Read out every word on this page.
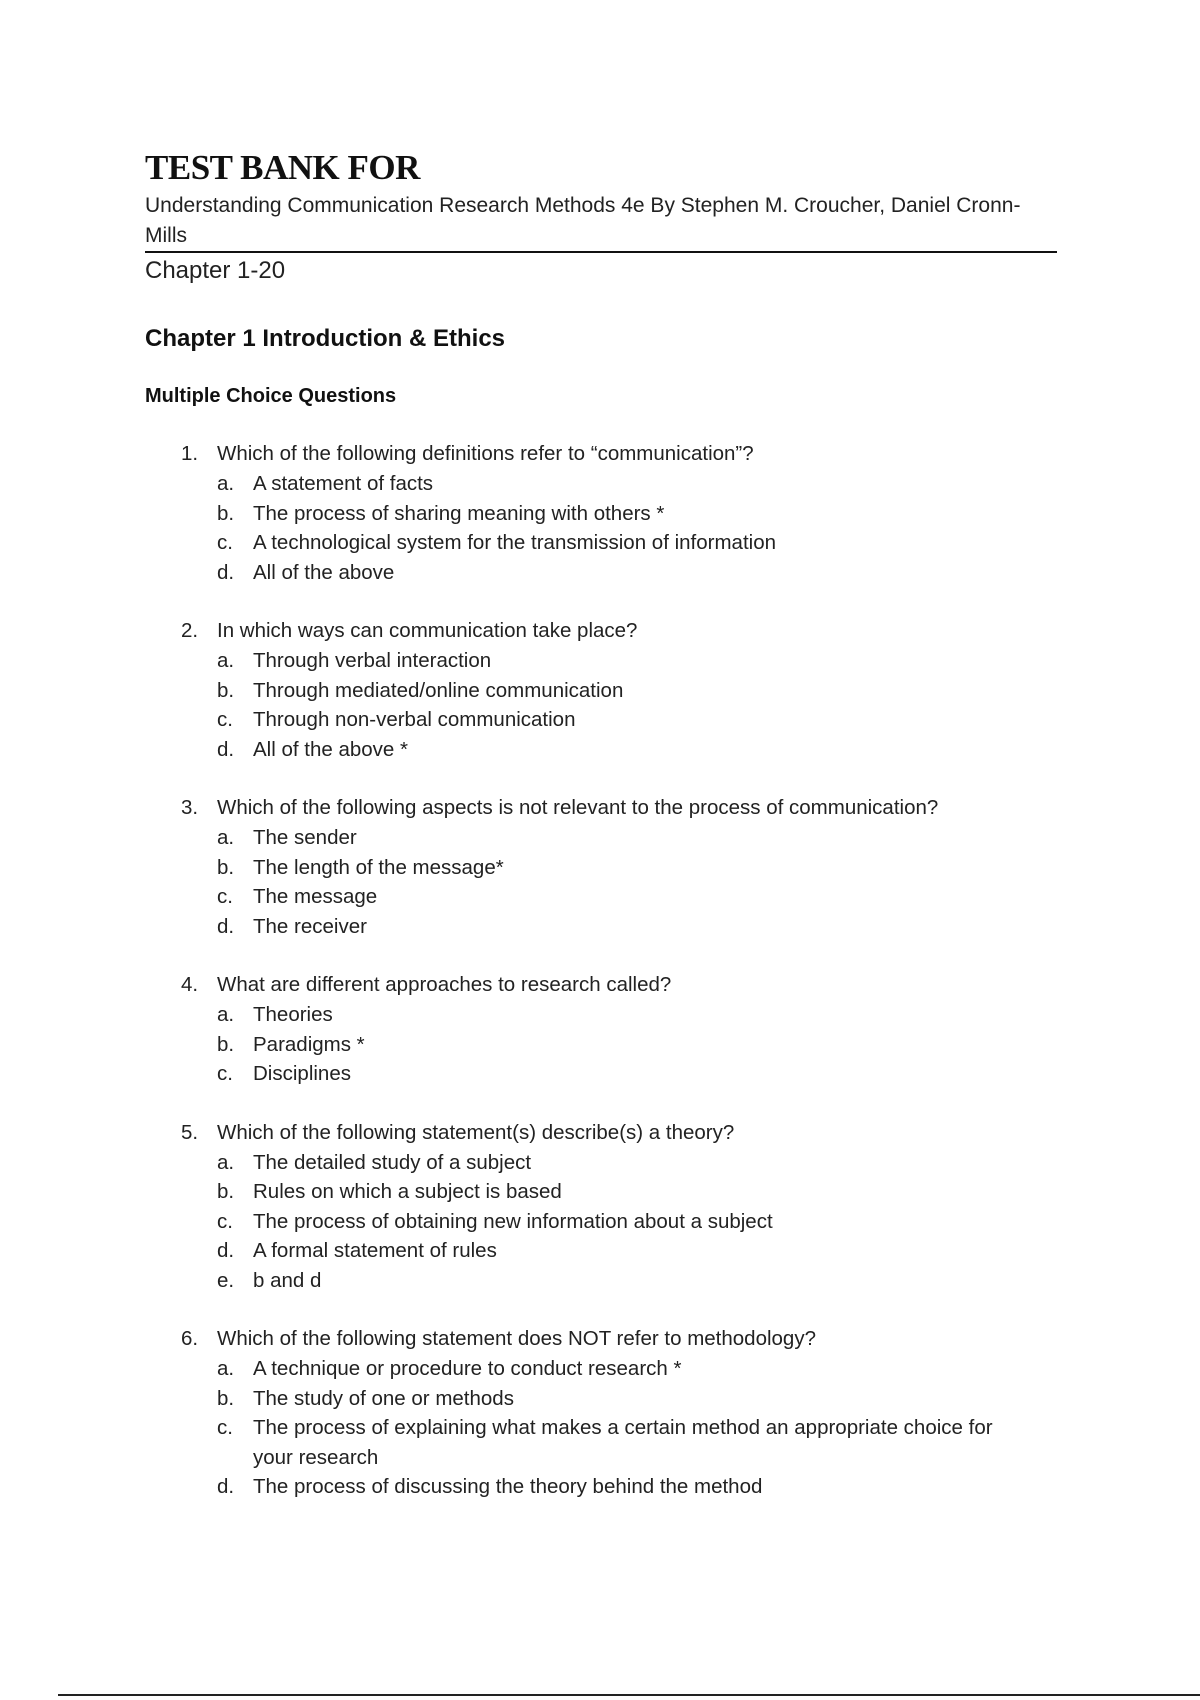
TEST BANK FOR
Understanding Communication Research Methods 4e By Stephen M. Croucher, Daniel Cronn-Mills
Chapter 1-20
Chapter 1 Introduction & Ethics
Multiple Choice Questions
1. Which of the following definitions refer to “communication”?
a. A statement of facts
b. The process of sharing meaning with others *
c. A technological system for the transmission of information
d. All of the above
2. In which ways can communication take place?
a. Through verbal interaction
b. Through mediated/online communication
c. Through non-verbal communication
d. All of the above *
3. Which of the following aspects is not relevant to the process of communication?
a. The sender
b. The length of the message*
c. The message
d. The receiver
4. What are different approaches to research called?
a. Theories
b. Paradigms *
c. Disciplines
5. Which of the following statement(s) describe(s) a theory?
a. The detailed study of a subject
b. Rules on which a subject is based
c. The process of obtaining new information about a subject
d. A formal statement of rules
e. b and d
6. Which of the following statement does NOT refer to methodology?
a. A technique or procedure to conduct research *
b. The study of one or methods
c. The process of explaining what makes a certain method an appropriate choice for your research
d. The process of discussing the theory behind the method
